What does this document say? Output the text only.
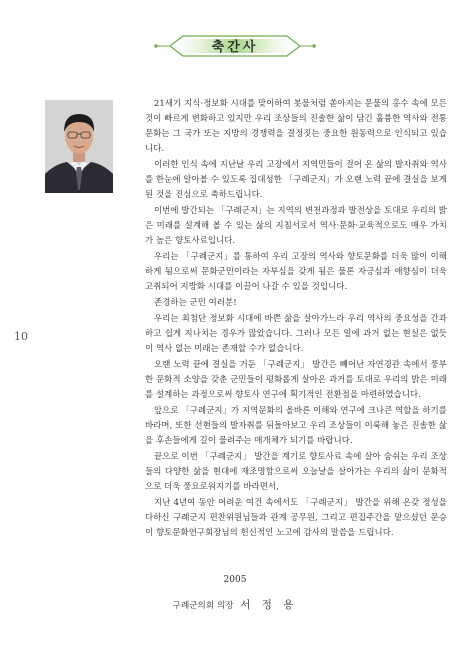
축간사
10

21세기 지식·정보화 시대를 맞이하여 봇물처럼 쏟아지는 문물의 홍수 속에 모든 것이 빠르게 변화하고 있지만 우리 조상들의 진솔한 삶이 담긴 훌륭한 역사와 전통문화는 그 국가 또는 지방의 경쟁력을 결정짓는 중요한 원동력으로 인식되고 있습니다.

이러한 인식 속에 지난날 우리 고장에서 지역민들이 걸어 온 삶의 발자취와 역사를 한눈에 알아볼 수 있도록 집대성한 「구례군지」가 오랜 노력 끝에 결실을 보게 된 것을 진심으로 축하드립니다.

이번에 발간되는 「구례군지」는 지역의 변천과정과 발전상을 토대로 우리의 밝은 미래를 설계해 볼 수 있는 삶의 지침서로서 역사·문화·교육적으로도 매우 가치가 높은 향토사료입니다.

우리는 「구례군지」를 통하여 우리 고장의 역사와 향토문화를 더욱 많이 이해하게 됨으로써 문화군민이라는 자부심을 갖게 됨은 물론 자긍심과 애향심이 더욱 고취되어 지방화 시대를 이끌어 나갈 수 있을 것입니다.

존경하는 군민 여러분!

우리는 최첨단 정보화 시대에 바쁜 삶을 살아가느라 우리 역사의 중요성을 간과하고 쉽게 지나치는 경우가 많았습니다. 그러나 모든 일에 과거 없는 현실은 없듯이 역사 없는 미래는 존재할 수가 없습니다.

오랜 노력 끝에 결실을 거둔 「구례군지」 발간은 빼어난 자연경관 속에서 풍부한 문화적 소양을 갖춘 군민들이 평화롭게 살아온 과거를 토대로 우리의 밝은 미래를 설계하는 과정으로써 향토사 연구에 획기적인 전환점을 마련하였습니다.

앞으로 「구례군지」가 지역문화의 올바른 이해와 연구에 크나큰 역할을 하기를 바라며, 또한 선현들의 발자취를 뒤돌아보고 우리 조상들이 이룩해 놓은 진솔한 삶을 후손들에게 길이 물려주는 매개체가 되기를 바랍니다.

끝으로 이번 「구례군지」 발간을 계기로 향토사료 속에 살아 숨쉬는 우리 조상들의 다양한 삶을 현대에 재조명함으로써 오늘날을 살아가는 우리의 삶이 문화적으로 더욱 풍요로워지기를 바라면서,

지난 4년여 동안 어려운 여건 속에서도 「구례군지」 발간을 위해 온갖 정성을 다하신 구례군지 편찬위원님들과 관계 공무원, 그리고 편집주간을 맡으셨던 문승이 향토문화연구회장님의 헌신적인 노고에 감사의 말씀을 드립니다.

2005
구례군의회 의장 서 정 용
